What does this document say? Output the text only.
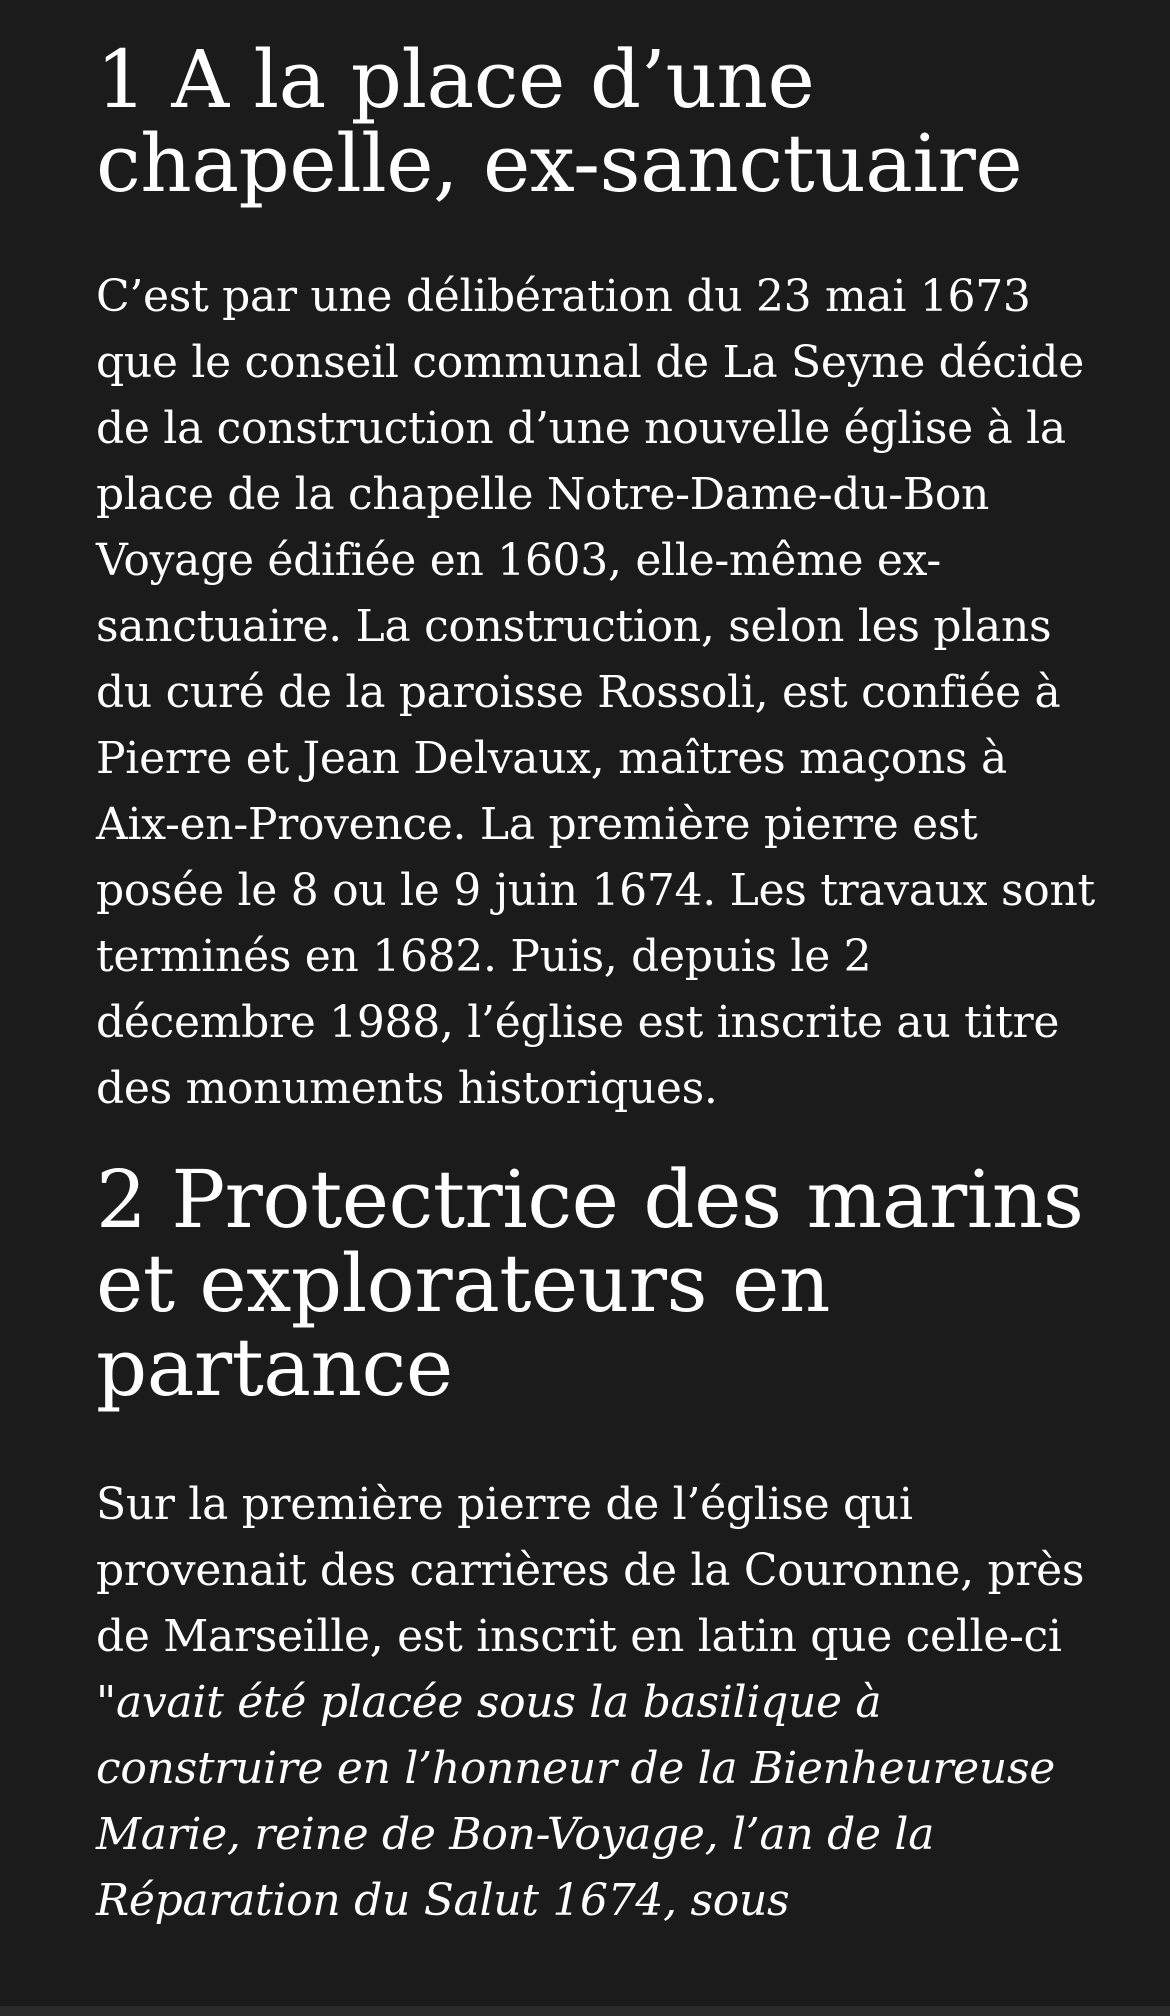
1 A la place d’une chapelle, ex-sanctuaire

C’est par une délibération du 23 mai 1673 que le conseil communal de La Seyne décide de la construction d’une nouvelle église à la place de la chapelle Notre-Dame-du-Bon Voyage édifiée en 1603, elle-même ex-sanctuaire. La construction, selon les plans du curé de la paroisse Rossoli, est confiée à Pierre et Jean Delvaux, maîtres maçons à Aix-en-Provence. La première pierre est posée le 8 ou le 9 juin 1674. Les travaux sont terminés en 1682. Puis, depuis le 2 décembre 1988, l’église est inscrite au titre des monuments historiques.

2 Protectrice des marins et explorateurs en partance

Sur la première pierre de l’église qui provenait des carrières de la Couronne, près de Marseille, est inscrit en latin que celle-ci "avait été placée sous la basilique à construire en l’honneur de la Bienheureuse Marie, reine de Bon-Voyage, l’an de la Réparation du Salut 1674, sous
